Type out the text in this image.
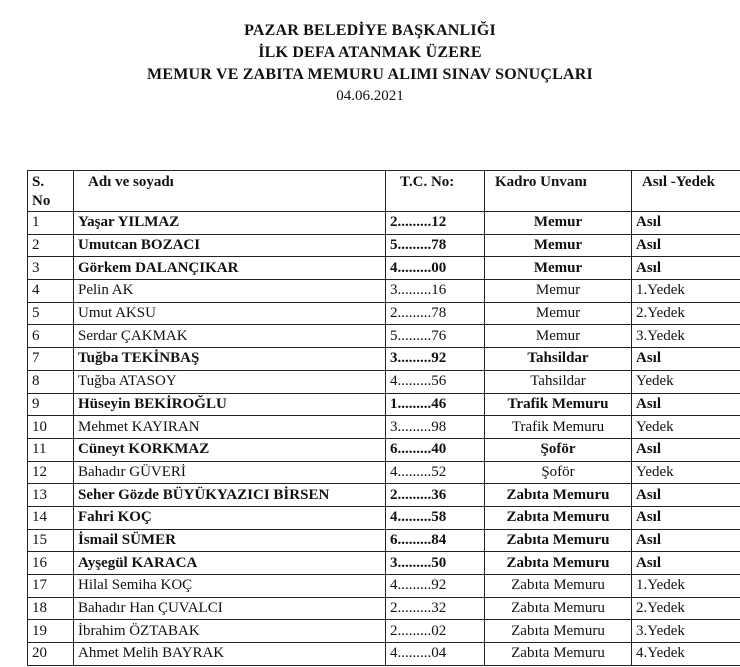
PAZAR BELEDİYE BAŞKANLIĞI
İLK DEFA ATANMAK ÜZERE
MEMUR VE ZABITA MEMURU ALIMI SINAV SONUÇLARI
04.06.2021
S.
No	Adı ve soyadı	T.C. No:	Kadro Unvanı	Asıl -Yedek
1	Yaşar YILMAZ	2.........12	Memur	Asıl
2	Umutcan BOZACI	5.........78	Memur	Asıl
3	Görkem DALANÇIKAR	4.........00	Memur	Asıl
4	Pelin AK	3.........16	Memur	1.Yedek
5	Umut AKSU	2.........78	Memur	2.Yedek
6	Serdar ÇAKMAK	5.........76	Memur	3.Yedek
7	Tuğba TEKİNBAŞ	3.........92	Tahsildar	Asıl
8	Tuğba ATASOY	4.........56	Tahsildar	Yedek
9	Hüseyin BEKİROĞLU	1.........46	Trafik Memuru	Asıl
10	Mehmet KAYIRAN	3.........98	Trafik Memuru	Yedek
11	Cüneyt KORKMAZ	6.........40	Şoför	Asıl
12	Bahadır GÜVERİ	4.........52	Şoför	Yedek
13	Seher Gözde BÜYÜKYAZICI BİRSEN	2.........36	Zabıta Memuru	Asıl
14	Fahri KOÇ	4.........58	Zabıta Memuru	Asıl
15	İsmail SÜMER	6.........84	Zabıta Memuru	Asıl
16	Ayşegül KARACA	3.........50	Zabıta Memuru	Asıl
17	Hilal Semiha KOÇ	4.........92	Zabıta Memuru	1.Yedek
18	Bahadır Han ÇUVALCI	2.........32	Zabıta Memuru	2.Yedek
19	İbrahim ÖZTABAK	2.........02	Zabıta Memuru	3.Yedek
20	Ahmet Melih BAYRAK	4.........04	Zabıta Memuru	4.Yedek
